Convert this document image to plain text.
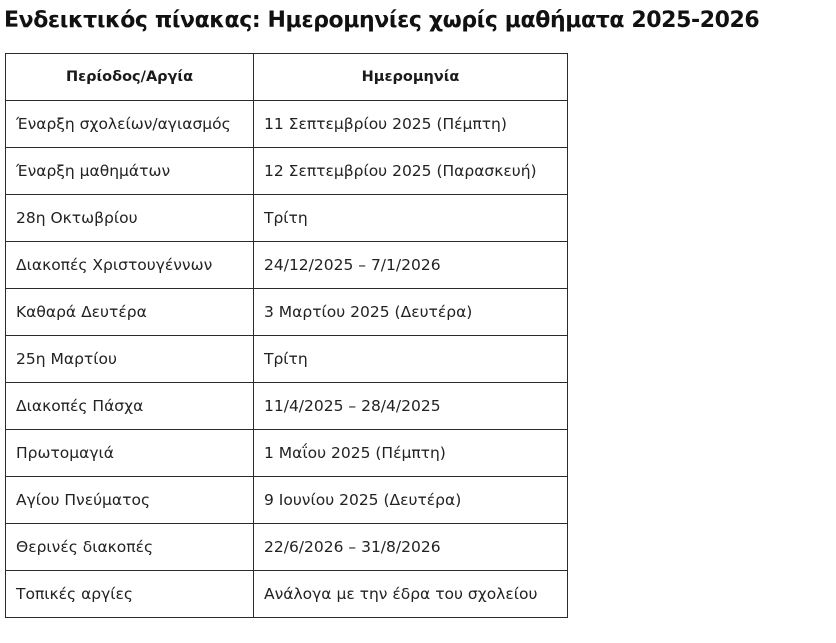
Ενδεικτικός πίνακας: Ημερομηνίες χωρίς μαθήματα 2025-2026
Περίοδος/Αργία	Ημερομηνία
Έναρξη σχολείων/αγιασμός	11 Σεπτεμβρίου 2025 (Πέμπτη)
Έναρξη μαθημάτων	12 Σεπτεμβρίου 2025 (Παρασκευή)
28η Οκτωβρίου	Τρίτη
Διακοπές Χριστουγέννων	24/12/2025 – 7/1/2026
Καθαρά Δευτέρα	3 Μαρτίου 2025 (Δευτέρα)
25η Μαρτίου	Τρίτη
Διακοπές Πάσχα	11/4/2025 – 28/4/2025
Πρωτομαγιά	1 Μαΐου 2025 (Πέμπτη)
Αγίου Πνεύματος	9 Ιουνίου 2025 (Δευτέρα)
Θερινές διακοπές	22/6/2026 – 31/8/2026
Τοπικές αργίες	Ανάλογα με την έδρα του σχολείου
